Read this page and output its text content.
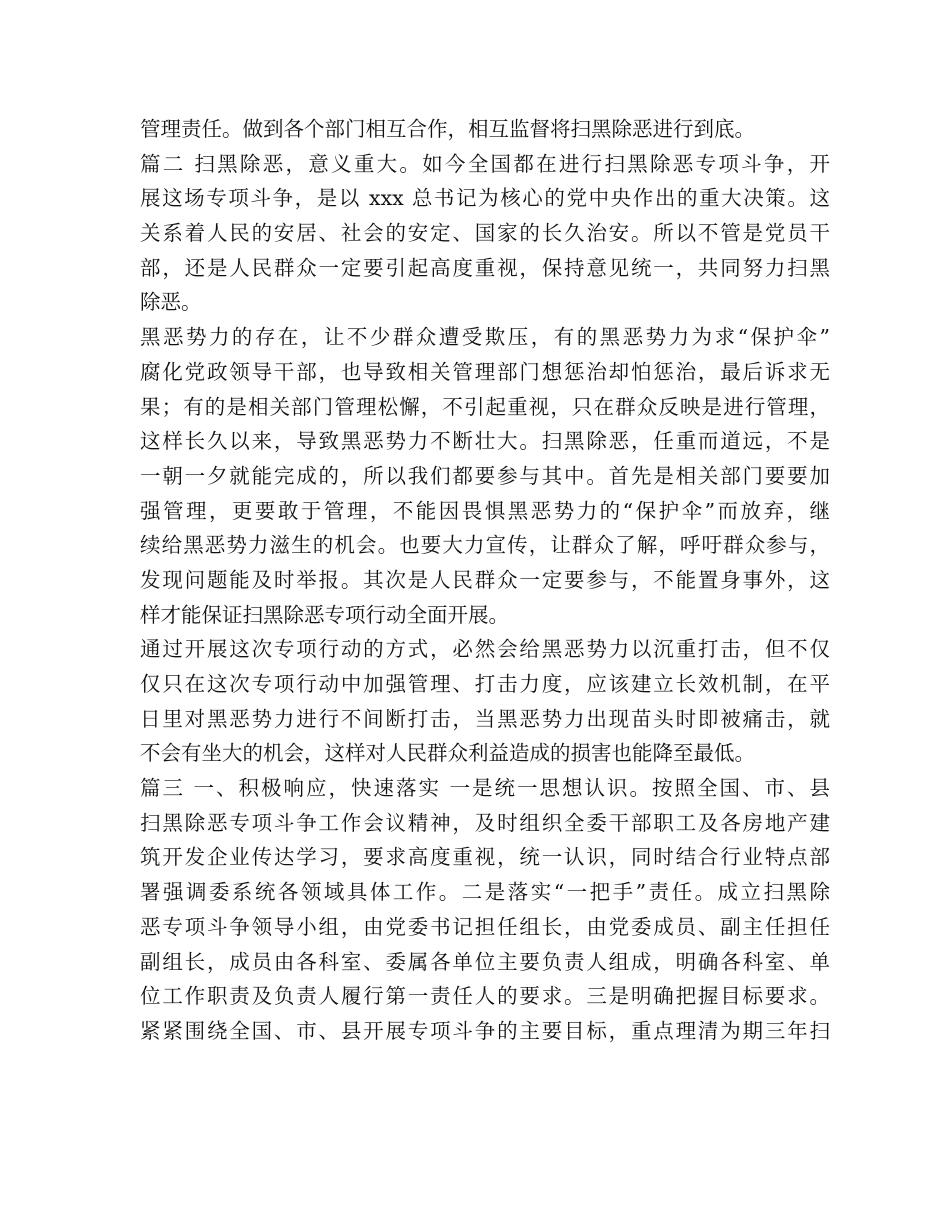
管理责任。做到各个部门相互合作，相互监督将扫黑除恶进行到底。
篇二 扫黑除恶，意义重大。如今全国都在进行扫黑除恶专项斗争，开
展这场专项斗争，是以 xxx 总书记为核心的党中央作出的重大决策。这
关系着人民的安居、社会的安定、国家的长久治安。所以不管是党员干
部，还是人民群众一定要引起高度重视，保持意见统一，共同努力扫黑
除恶。
黑恶势力的存在，让不少群众遭受欺压，有的黑恶势力为求“保护伞”
腐化党政领导干部，也导致相关管理部门想惩治却怕惩治，最后诉求无
果；有的是相关部门管理松懈，不引起重视，只在群众反映是进行管理，
这样长久以来，导致黑恶势力不断壮大。扫黑除恶，任重而道远，不是
一朝一夕就能完成的，所以我们都要参与其中。首先是相关部门要要加
强管理，更要敢于管理，不能因畏惧黑恶势力的“保护伞”而放弃，继
续给黑恶势力滋生的机会。也要大力宣传，让群众了解，呼吁群众参与，
发现问题能及时举报。其次是人民群众一定要参与，不能置身事外，这
样才能保证扫黑除恶专项行动全面开展。
通过开展这次专项行动的方式，必然会给黑恶势力以沉重打击，但不仅
仅只在这次专项行动中加强管理、打击力度，应该建立长效机制，在平
日里对黑恶势力进行不间断打击，当黑恶势力出现苗头时即被痛击，就
不会有坐大的机会，这样对人民群众利益造成的损害也能降至最低。
篇三 一、积极响应，快速落实 一是统一思想认识。按照全国、市、县
扫黑除恶专项斗争工作会议精神，及时组织全委干部职工及各房地产建
筑开发企业传达学习，要求高度重视，统一认识，同时结合行业特点部
署强调委系统各领域具体工作。二是落实“一把手”责任。成立扫黑除
恶专项斗争领导小组，由党委书记担任组长，由党委成员、副主任担任
副组长，成员由各科室、委属各单位主要负责人组成，明确各科室、单
位工作职责及负责人履行第一责任人的要求。三是明确把握目标要求。
紧紧围绕全国、市、县开展专项斗争的主要目标，重点理清为期三年扫
